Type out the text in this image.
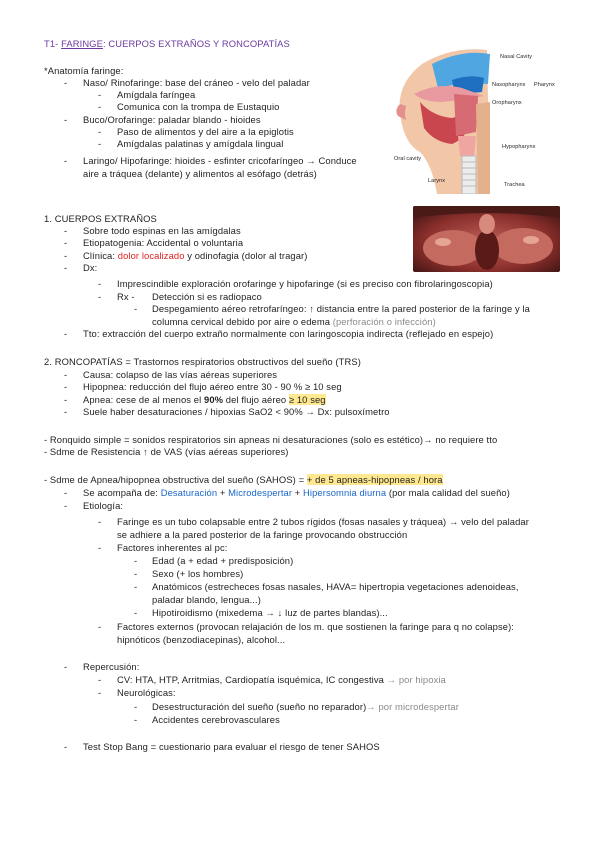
T1- FARINGE: CUERPOS EXTRAÑOS Y RONCOPATÍAS
*Anatomía faringe:
- Naso/ Rinofaringe: base del cráneo - velo del paladar
- Amígdala faríngea
- Comunica con la trompa de Eustaquio
- Buco/Orofaringe: paladar blando - hioides
- Paso de alimentos y del aire a la epiglotis
- Amígdalas palatinas y amígdala lingual
- Laringo/ Hipofaringe: hioides - esfinter cricofaríngeo → Conduce
aire a tráquea (delante) y alimentos al esófago (detrás)
Nasal Cavity
Nasopharynx Pharynx
Oropharynx
Hypopharynx
Oral cavity
Larynx
Trachea
1. CUERPOS EXTRAÑOS
- Sobre todo espinas en las amígdalas
- Etiopatogenia: Accidental o voluntaria
- Clínica: dolor localizado y odinofagia (dolor al tragar)
- Dx:
- Imprescindible exploración orofaringe y hipofaringe (si es preciso con fibrolaringoscopia)
- Rx - Detección si es radiopaco
- Despegamiento aéreo retrofaríngeo: ↑ distancia entre la pared posterior de la faringe y la
columna cervical debido por aire o edema (perforación o infección)
- Tto: extracción del cuerpo extraño normalmente con laringoscopia indirecta (reflejado en espejo)
2. RONCOPATÍAS = Trastornos respiratorios obstructivos del sueño (TRS)
- Causa: colapso de las vías aéreas superiores
- Hipopnea: reducción del flujo aéreo entre 30 - 90 % ≥ 10 seg
- Apnea: cese de al menos el 90% del flujo aéreo ≥ 10 seg
- Suele haber desaturaciones / hipoxias SaO2 < 90% → Dx: pulsoxímetro
- Ronquido simple = sonidos respiratorios sin apneas ni desaturaciones (solo es estético)→ no requiere tto
- Sdme de Resistencia ↑ de VAS (vías aéreas superiores)
- Sdme de Apnea/hipopnea obstructiva del sueño (SAHOS) = + de 5 apneas-hipopneas / hora
- Se acompaña de: Desaturación + Microdespertar + Hipersomnia diurna (por mala calidad del sueño)
- Etiología:
- Faringe es un tubo colapsable entre 2 tubos rígidos (fosas nasales y tráquea) → velo del paladar
se adhiere a la pared posterior de la faringe provocando obstrucción
- Factores inherentes al pc:
- Edad (a + edad + predisposición)
- Sexo (+ los hombres)
- Anatómicos (estrecheces fosas nasales, HAVA= hipertropia vegetaciones adenoideas,
paladar blando, lengua...)
- Hipotiroidismo (mixedema → ↓ luz de partes blandas)...
- Factores externos (provocan relajación de los m. que sostienen la faringe para q no colapse):
hipnóticos (benzodiacepinas), alcohol...
- Repercusión:
- CV: HTA, HTP, Arritmias, Cardiopatía isquémica, IC congestiva → por hipoxia
- Neurológicas:
- Desestructuración del sueño (sueño no reparador)→ por microdespertar
- Accidentes cerebrovasculares
- Test Stop Bang = cuestionario para evaluar el riesgo de tener SAHOS
